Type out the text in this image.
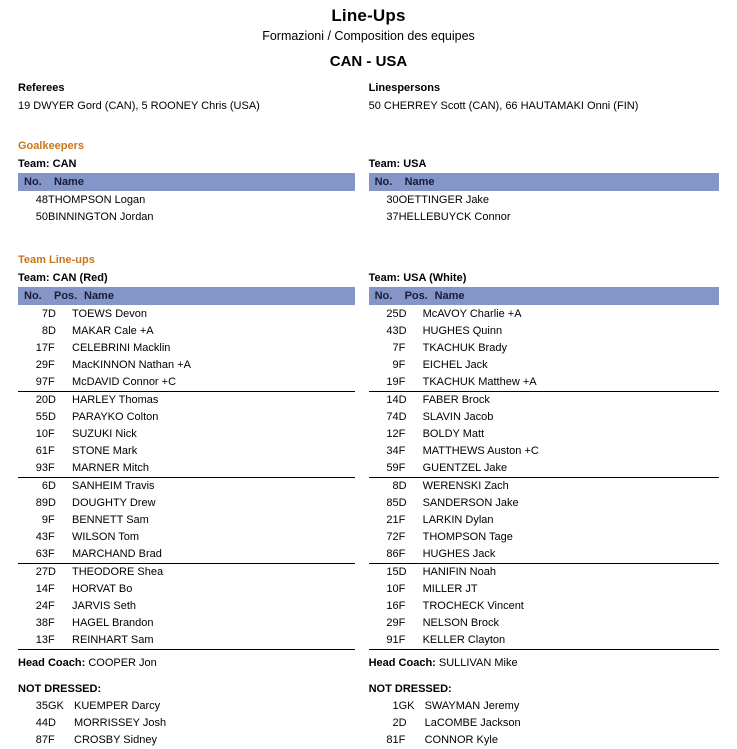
Line-Ups
Formazioni / Composition des equipes
CAN - USA
Referees
19 DWYER Gord (CAN), 5 ROONEY Chris (USA)
Linespersons
50 CHERREY Scott (CAN), 66 HAUTAMAKI Onni (FIN)
Goalkeepers
Team: CAN
No. Name
48	THOMPSON Logan
50	BINNINGTON Jordan
Team: USA
No. Name
30	OETTINGER Jake
37	HELLEBUYCK Connor
Team Line-ups
Team: CAN (Red)
No. Pos. Name
7	D	TOEWS Devon
8	D	MAKAR Cale +A
17	F	CELEBRINI Macklin
29	F	MacKINNON Nathan +A
97	F	McDAVID Connor +C
20	D	HARLEY Thomas
55	D	PARAYKO Colton
10	F	SUZUKI Nick
61	F	STONE Mark
93	F	MARNER Mitch
6	D	SANHEIM Travis
89	D	DOUGHTY Drew
9	F	BENNETT Sam
43	F	WILSON Tom
63	F	MARCHAND Brad
27	D	THEODORE Shea
14	F	HORVAT Bo
24	F	JARVIS Seth
38	F	HAGEL Brandon
13	F	REINHART Sam
Head Coach: COOPER Jon
NOT DRESSED:
35	GK	KUEMPER Darcy
44	D	MORRISSEY Josh
87	F	CROSBY Sidney
Team: USA (White)
No. Pos. Name
25	D	McAVOY Charlie +A
43	D	HUGHES Quinn
7	F	TKACHUK Brady
9	F	EICHEL Jack
19	F	TKACHUK Matthew +A
14	D	FABER Brock
74	D	SLAVIN Jacob
12	F	BOLDY Matt
34	F	MATTHEWS Auston +C
59	F	GUENTZEL Jake
8	D	WERENSKI Zach
85	D	SANDERSON Jake
21	F	LARKIN Dylan
72	F	THOMPSON Tage
86	F	HUGHES Jack
15	D	HANIFIN Noah
10	F	MILLER JT
16	F	TROCHECK Vincent
29	F	NELSON Brock
91	F	KELLER Clayton
Head Coach: SULLIVAN Mike
NOT DRESSED:
1	GK	SWAYMAN Jeremy
2	D	LaCOMBE Jackson
81	F	CONNOR Kyle
